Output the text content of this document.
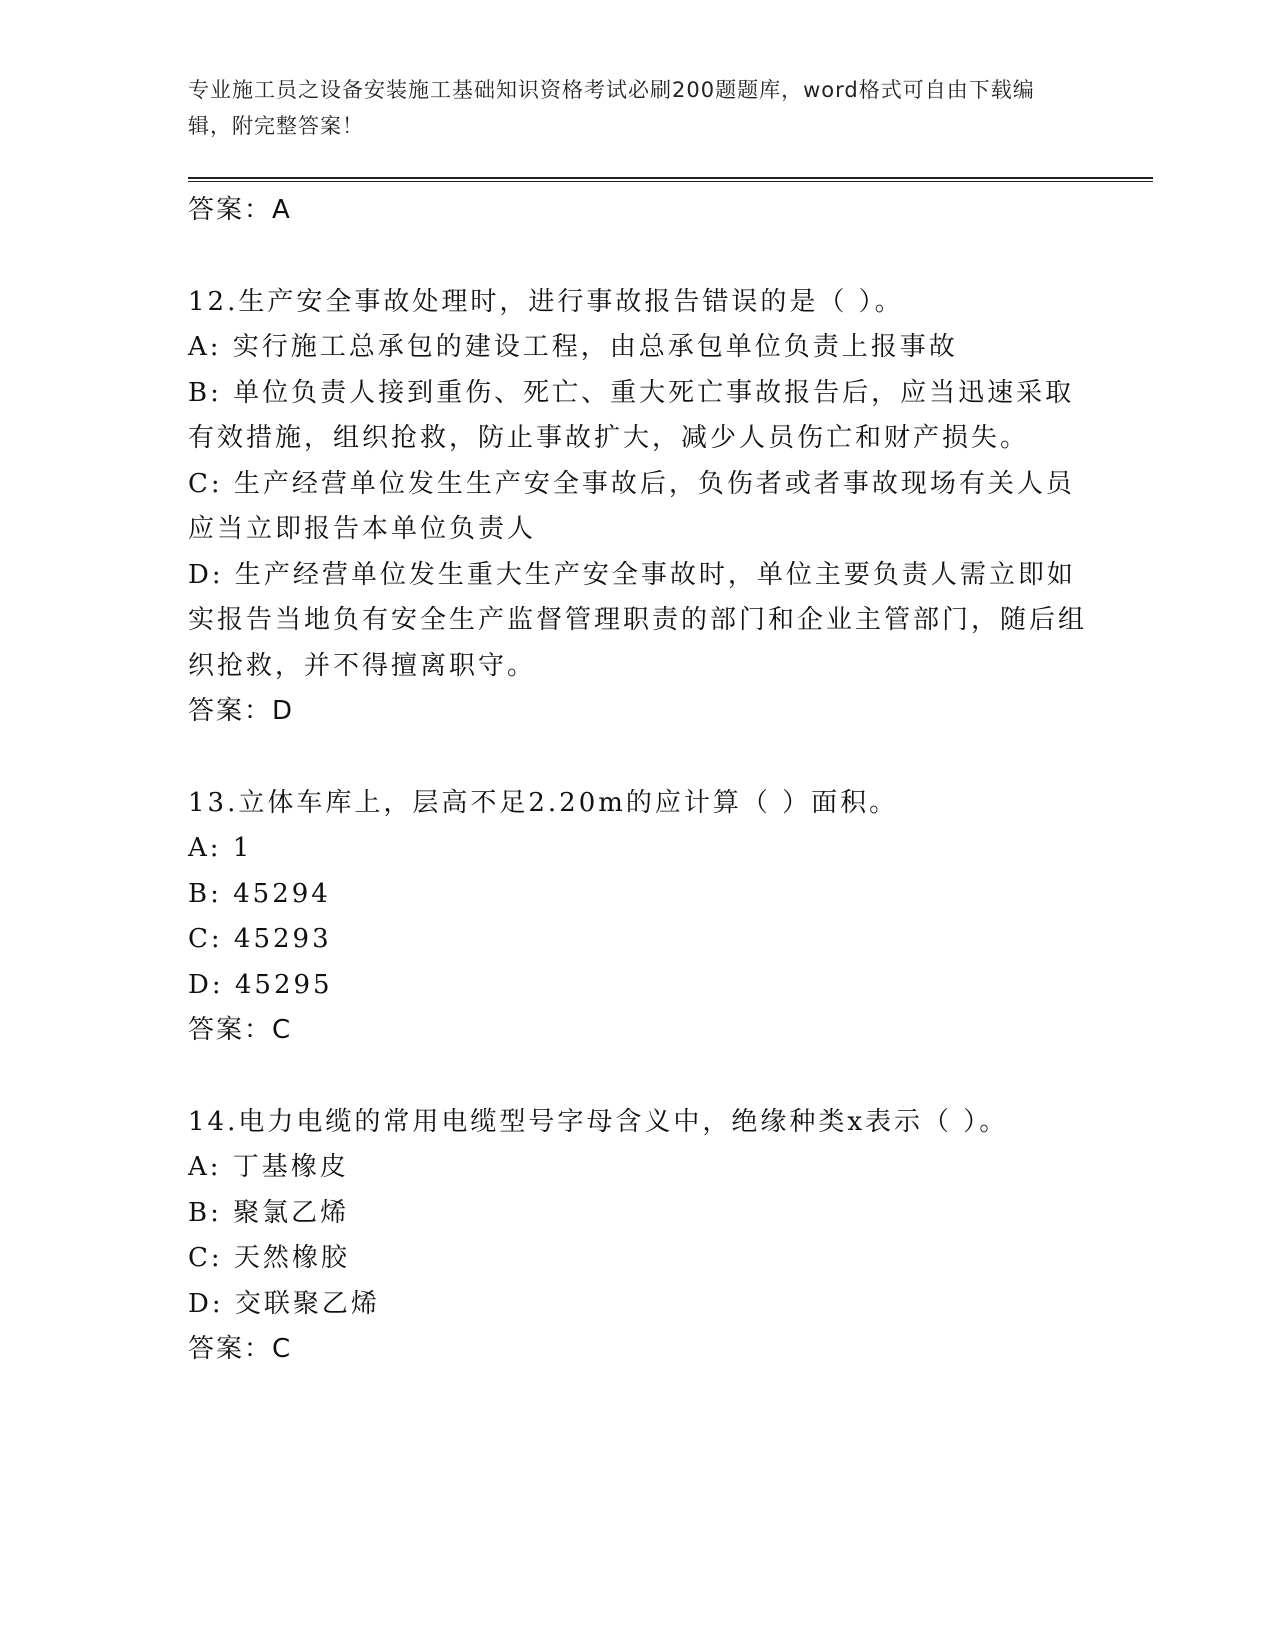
专业施工员之设备安装施工基础知识资格考试必刷200题题库，word格式可自由下载编辑，附完整答案！
答案：A
12.生产安全事故处理时，进行事故报告错误的是（ ）。
A: 实行施工总承包的建设工程，由总承包单位负责上报事故
B: 单位负责人接到重伤、死亡、重大死亡事故报告后，应当迅速采取有效措施，组织抢救，防止事故扩大，减少人员伤亡和财产损失。
C: 生产经营单位发生生产安全事故后，负伤者或者事故现场有关人员应当立即报告本单位负责人
D: 生产经营单位发生重大生产安全事故时，单位主要负责人需立即如实报告当地负有安全生产监督管理职责的部门和企业主管部门，随后组织抢救，并不得擅离职守。
答案：D
13.立体车库上，层高不足2.20m的应计算（ ）面积。
A: 1
B: 45294
C: 45293
D: 45295
答案：C
14.电力电缆的常用电缆型号字母含义中，绝缘种类x表示（ ）。
A: 丁基橡皮
B: 聚氯乙烯
C: 天然橡胶
D: 交联聚乙烯
答案：C
